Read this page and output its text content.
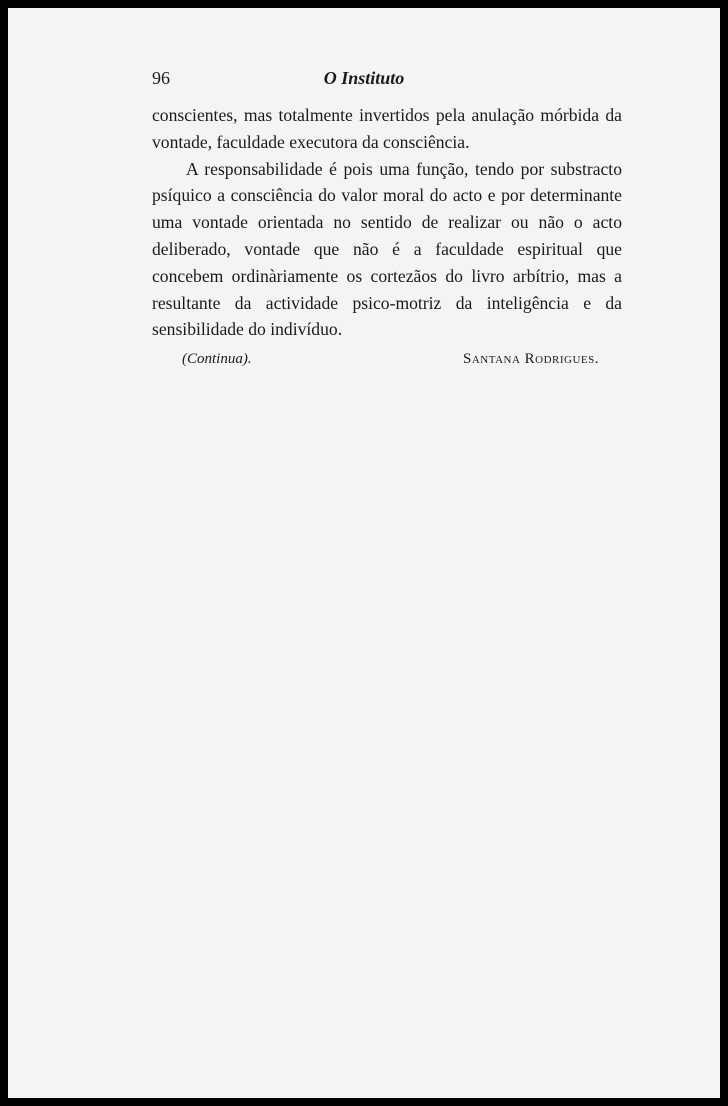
96	O Instituto

conscientes, mas totalmente invertidos pela anulação mórbida da vontade, faculdade executora da consciência.

A responsabilidade é pois uma função, tendo por substracto psíquico a consciência do valor moral do acto e por determinante uma vontade orientada no sentido de realizar ou não o acto deliberado, vontade que não é a faculdade espiritual que concebem ordinàriamente os cortezãos do livro arbítrio, mas a resultante da actividade psico-motriz da inteligência e da sensibilidade do indivíduo.

(Continua).	Santana Rodrigues.
